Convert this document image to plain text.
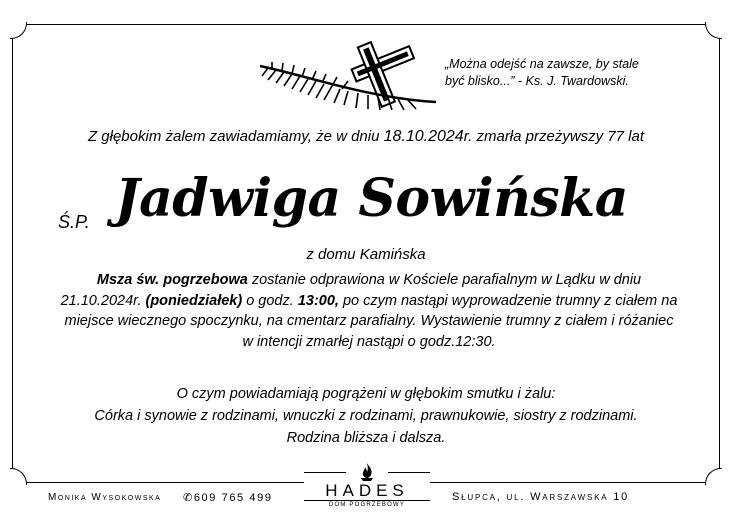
„Można odejść na zawsze, by stale
być blisko...” - Ks. J. Twardowski.
Z głębokim żalem zawiadamiamy, że w dniu 18.10.2024r. zmarła przeżywszy 77 lat
Ś.P. Jadwiga Sowińska
z domu Kamińska
Msza św. pogrzebowa zostanie odprawiona w Kościele parafialnym w Lądku w dniu 21.10.2024r. (poniedziałek) o godz. 13:00, po czym nastąpi wyprowadzenie trumny z ciałem na miejsce wiecznego spoczynku, na cmentarz parafialny. Wystawienie trumny z ciałem i różaniec w intencji zmarłej nastąpi o godz.12:30.
O czym powiadamiają pogrążeni w głębokim smutku i żalu:
Córka i synowie z rodzinami, wnuczki z rodzinami, prawnukowie, siostry z rodzinami.
Rodzina bliższa i dalsza.
Monika Wysokowska ✆609 765 499	HADES
DOM POGRZEBOWY
Słupca, ul. Warszawska 10
